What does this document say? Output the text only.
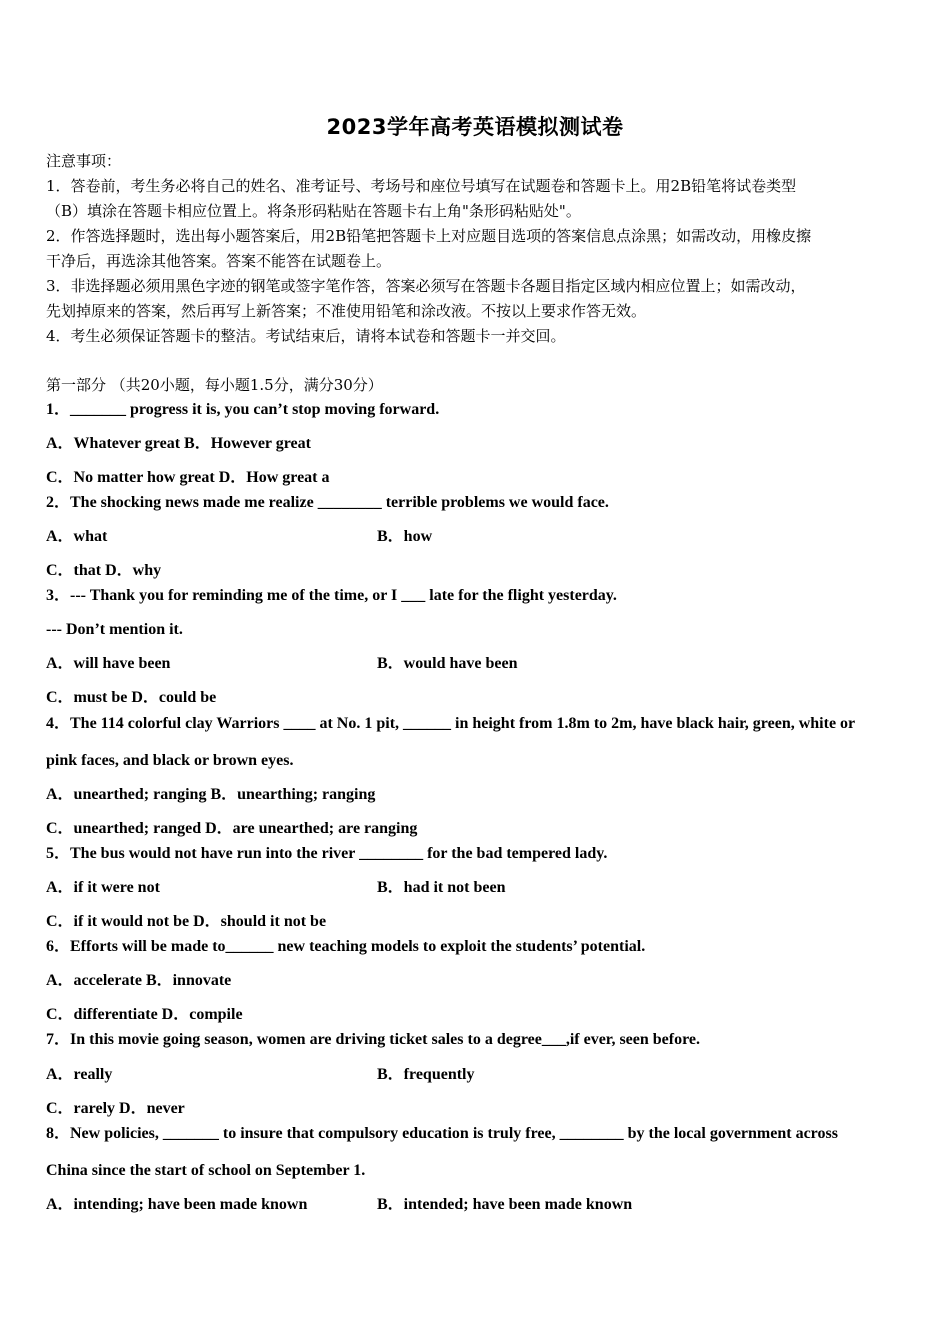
2023学年高考英语模拟测试卷
注意事项：
1．答卷前，考生务必将自己的姓名、准考证号、考场号和座位号填写在试题卷和答题卡上。用2B铅笔将试卷类型
（B）填涂在答题卡相应位置上。将条形码粘贴在答题卡右上角"条形码粘贴处"。
2．作答选择题时，选出每小题答案后，用2B铅笔把答题卡上对应题目选项的答案信息点涂黑；如需改动，用橡皮擦
干净后，再选涂其他答案。答案不能答在试题卷上。
3．非选择题必须用黑色字迹的钢笔或签字笔作答，答案必须写在答题卡各题目指定区域内相应位置上；如需改动，
先划掉原来的答案，然后再写上新答案；不准使用铅笔和涂改液。不按以上要求作答无效。
4．考生必须保证答题卡的整洁。考试结束后，请将本试卷和答题卡一并交回。
第一部分 （共20小题，每小题1.5分，满分30分）
1．_______ progress it is, you can’t stop moving forward.
A．Whatever great B．However great
C．No matter how great D．How great a
2．The shocking news made me realize ________ terrible problems we would face.
A．what	B．how
C．that D．why
3．--- Thank you for reminding me of the time, or I ___ late for the flight yesterday.
--- Don’t mention it.
A．will have been	B．would have been
C．must be D．could be
4．The 114 colorful clay Warriors ____ at No. 1 pit, ______ in height from 1.8m to 2m, have black hair, green, white or
pink faces, and black or brown eyes.
A．unearthed; ranging B．unearthing; ranging
C．unearthed; ranged D．are unearthed; are ranging
5．The bus would not have run into the river ________ for the bad tempered lady.
A．if it were not	B．had it not been
C．if it would not be D．should it not be
6．Efforts will be made to______ new teaching models to exploit the students’ potential.
A．accelerate B．innovate
C．differentiate D．compile
7．In this movie going season, women are driving ticket sales to a degree___,if ever, seen before.
A．really	B．frequently
C．rarely D．never
8．New policies, _______ to insure that compulsory education is truly free, ________ by the local government across
China since the start of school on September 1.
A．intending; have been made known	B．intended; have been made known
